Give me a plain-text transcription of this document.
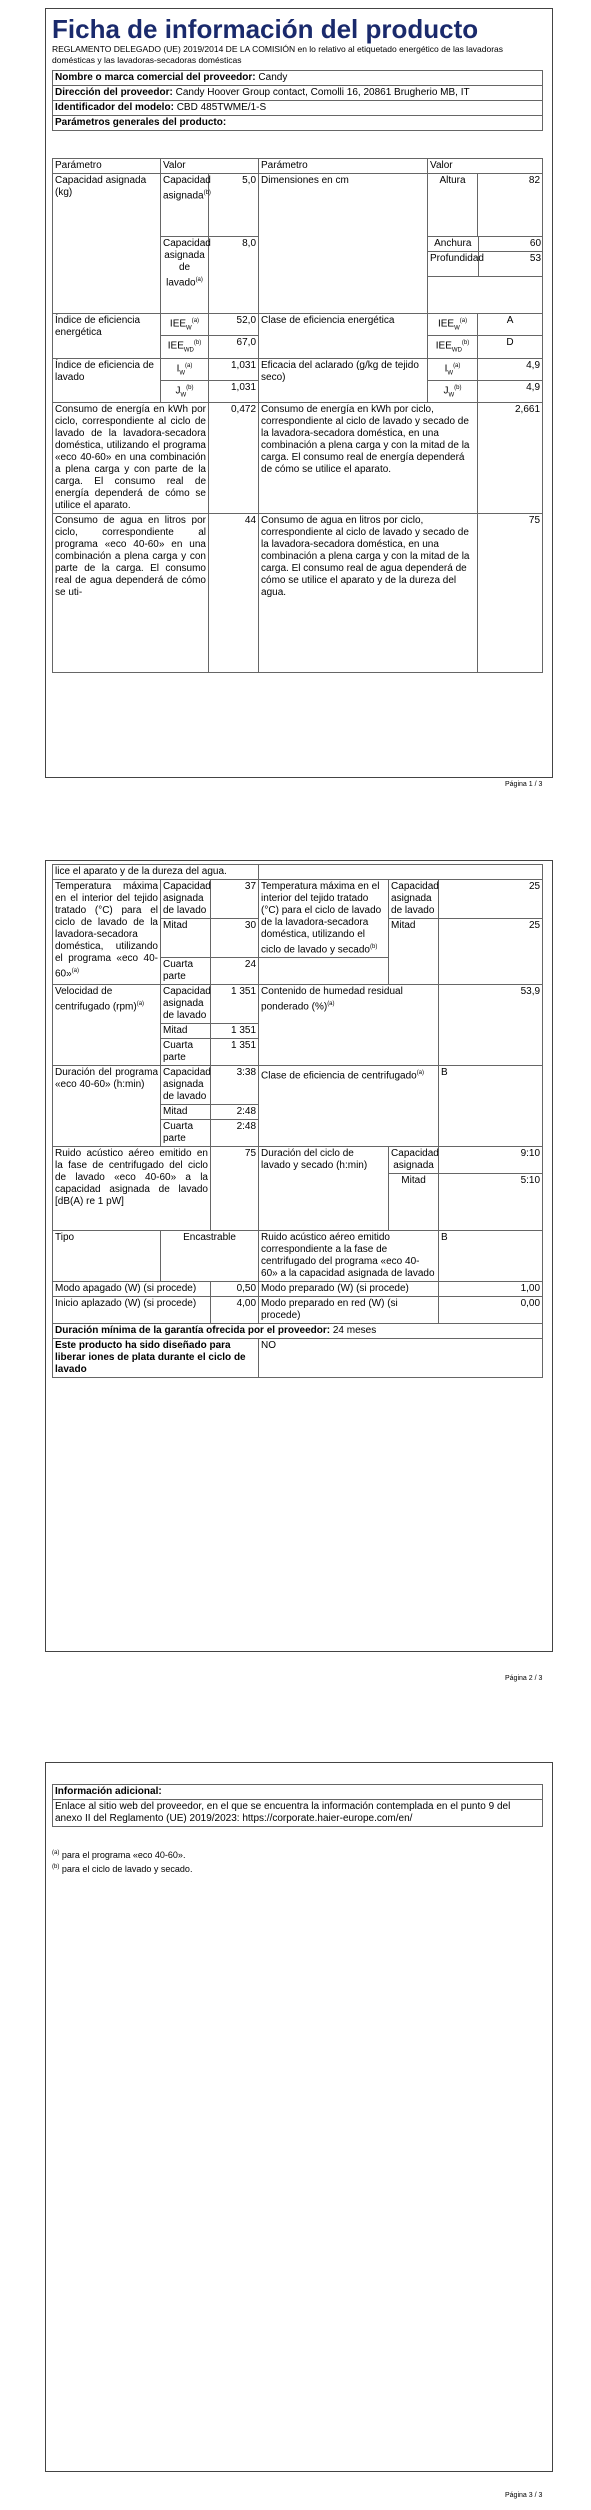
Ficha de información del producto
REGLAMENTO DELEGADO (UE) 2019/2014 DE LA COMISIÓN en lo relativo al etiquetado energético de las lavadoras domésticas y las lavadoras-secadoras domésticas
Nombre o marca comercial del proveedor: Candy
Dirección del proveedor: Candy Hoover Group contact, Comolli 16, 20861 Brugherio MB, IT
Identificador del modelo: CBD 485TWME/1-S
Parámetros generales del producto:
Parámetro	Valor	Parámetro	Valor
Capacidad asignada (kg)	Capacidad asignada$^{(b)}$	5,0	Dimensiones en cm	Altura	82
Capacidad asignada de lavado$^{(a)}$	8,0		Anchura	60
Profundidad	53

Índice de eficiencia energética	$IEE_W^{(a)}$	52,0	Clase de eficiencia energética	$IEE_W^{(a)}$	A
$IEE_{WD}^{(b)}$	67,0	$IEE_{WD}^{(b)}$	D
Índice de eficiencia de lavado	$I_W^{(a)}$	1,031	Eficacia del aclarado (g/kg de tejido seco)	$I_W^{(a)}$	4,9
$J_W^{(b)}$	1,031	$J_W^{(b)}$	4,9
Consumo de energía en kWh por ciclo, correspondiente al ciclo de lavado de la lavadora-secadora doméstica, utilizando el programa «eco 40-60» en una combinación a plena carga y con parte de la carga. El consumo real de energía dependerá de cómo se utilice el aparato.	0,472	Consumo de energía en kWh por ciclo, correspondiente al ciclo de lavado y secado de la lavadora-secadora doméstica, en una combinación a plena carga y con la mitad de la carga. El consumo real de energía dependerá de cómo se utilice el aparato.	2,661
Consumo de agua en litros por ciclo, correspondiente al programa «eco 40-60» en una combinación a plena carga y con parte de la carga. El consumo real de agua dependerá de cómo se uti-	44	Consumo de agua en litros por ciclo, correspondiente al ciclo de lavado y secado de la lavadora-secadora doméstica, en una combinación a plena carga y con la mitad de la carga. El consumo real de agua dependerá de cómo se utilice el aparato y de la dureza del agua.	75
Página 1 / 3
lice el aparato y de la dureza del agua.					
Temperatura máxima en el interior del tejido tratado (°C) para el ciclo de lavado de la lavadora-secadora doméstica, utilizando el programa «eco 40-60»$^{(a)}$	Capacidad asignada de lavado	37	Temperatura máxima en el interior del tejido tratado (°C) para el ciclo de lavado de la lavadora-secadora doméstica, utilizando el ciclo de lavado y secado$^{(b)}$	Capacidad asignada de lavado	25
	Mitad	30		Mitad	25
	Cuarta parte	24			
Velocidad de centrifugado (rpm)$^{(a)}$	Capacidad asignada de lavado	1 351	Contenido de humedad residual ponderado (%)$^{(a)}$		53,9
	Mitad	1 351			
	Cuarta parte	1 351			
Duración del programa «eco 40-60» (h:min)	Capacidad asignada de lavado	3:38	Clase de eficiencia de centrifugado$^{(a)}$		B
	Mitad	2:48			
	Cuarta parte	2:48			
Ruido acústico aéreo emitido en la fase de centrifugado del ciclo de lavado «eco 40-60» a la capacidad asignada de lavado [dB(A) re 1 pW]		75	Duración del ciclo de lavado y secado (h:min)	Capacidad asignada	9:10
				Mitad	5:10
Tipo	Encastrable		Ruido acústico aéreo emitido correspondiente a la fase de centrifugado del programa «eco 40-60» a la capacidad asignada de lavado		B
Modo apagado (W) (si procede)		0,50	Modo preparado (W) (si procede)		1,00
Inicio aplazado (W) (si procede)		4,00	Modo preparado en red (W) (si procede)		0,00
Duración mínima de la garantía ofrecida por el proveedor: 24 meses					
Este producto ha sido diseñado para liberar iones de plata durante el ciclo de lavado			NO		
Página 2 / 3
Información adicional:
Enlace al sitio web del proveedor, en el que se encuentra la información contemplada en el punto 9 del anexo II del Reglamento (UE) 2019/2023: https://corporate.haier-europe.com/en/
$^{(a)}$ para el programa «eco 40-60».
$^{(b)}$ para el ciclo de lavado y secado.
Página 3 / 3
